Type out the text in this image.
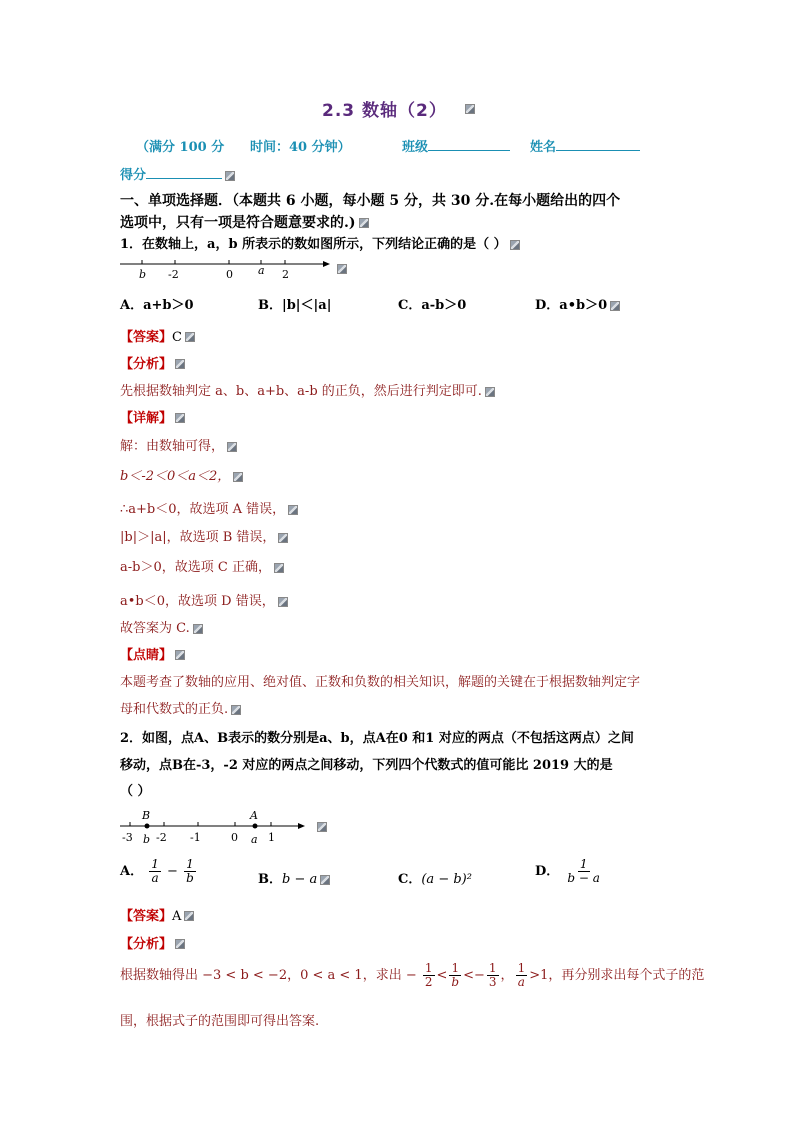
2.3 数轴（2）
（满分 100 分 时间：40 分钟）	班级	姓名
得分
一、单项选择题．（本题共 6 小题，每小题 5 分，共 30 分.在每小题给出的四个
选项中，只有一项是符合题意要求的.)
1．在数轴上，a，b 所表示的数如图所示，下列结论正确的是（ ）
b -2	0 a 2
A．a+b＞0	B．|b|＜|a|	C．a-b＞0	D．a•b＞0
【答案】C
【分析】
先根据数轴判定 a、b、a+b、a-b 的正负，然后进行判定即可.
【详解】
解：由数轴可得，
b＜-2＜0＜a＜2，
∴a+b＜0，故选项 A 错误，
|b|＞|a|，故选项 B 错误，
a-b＞0，故选项 C 正确，
a•b＜0，故选项 D 错误，
故答案为 C.
【点睛】
本题考查了数轴的应用、绝对值、正数和负数的相关知识，解题的关键在于根据数轴判定字
母和代数式的正负.
2．如图，点A、B表示的数分别是a、b，点A在0 和1 对应的两点（不包括这两点）之间
移动，点B在-3，-2 对应的两点之间移动，下列四个代数式的值可能比 2019 大的是
（ ）
B	A
-3 b -2 -1	0 a 1
A． $\frac{1}{a} - \frac{1}{b}$	B．b − a	C．(a − b)²
D． $\frac{1}{b - a}$
【答案】A
【分析】
根据数轴得出 −3 < b < −2，0 < a < 1，求出 − $\frac{1}{2} < \frac{1}{b} <- \frac{1}{3}$ ， $\frac{1}{a} >1$，再分别求出每个式子的范
围，根据式子的范围即可得出答案.
